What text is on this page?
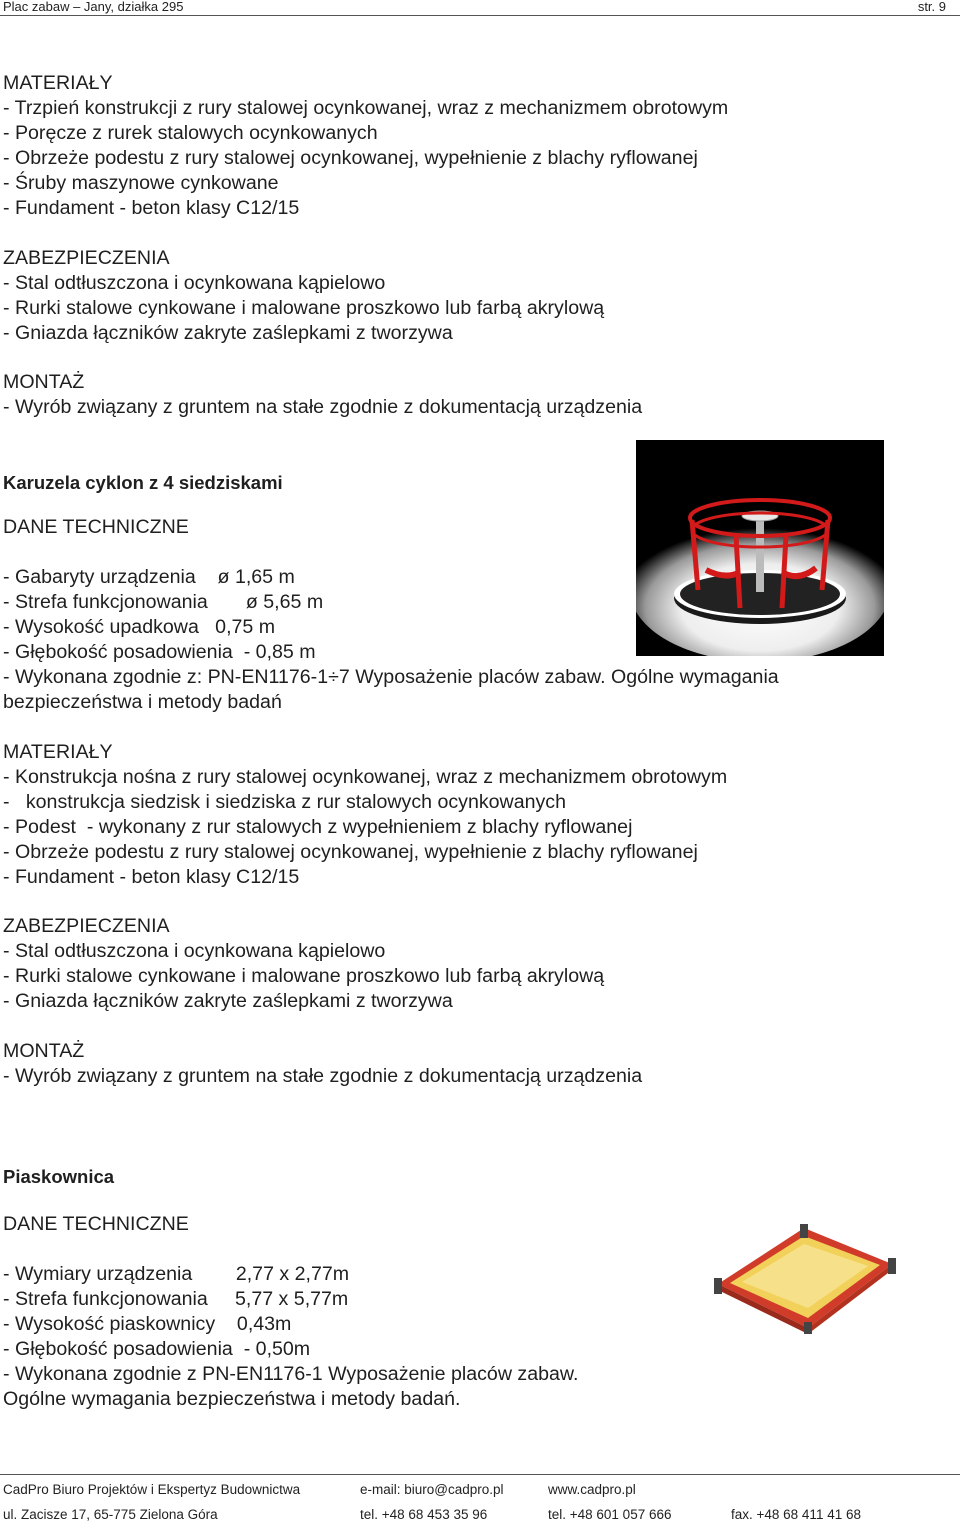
Plac zabaw – Jany, działka 295	str. 9
MATERIAŁY
- Trzpień konstrukcji z rury stalowej ocynkowanej, wraz z mechanizmem obrotowym
- Poręcze z rurek stalowych ocynkowanych
- Obrzeże podestu z rury stalowej ocynkowanej, wypełnienie z blachy ryflowanej
- Śruby maszynowe cynkowane
- Fundament - beton klasy C12/15
ZABEZPIECZENIA
- Stal odtłuszczona i ocynkowana kąpielowo
- Rurki stalowe cynkowane i malowane proszkowo lub farbą akrylową
- Gniazda łączników zakryte zaślepkami z tworzywa
MONTAŻ
- Wyrób związany z gruntem na stałe zgodnie z dokumentacją urządzenia
Karuzela cyklon z 4 siedziskami
DANE TECHNICZNE
- Gabaryty urządzenia    ø 1,65 m
- Strefa funkcjonowania       ø 5,65 m
- Wysokość upadkowa   0,75 m
- Głębokość posadowienia  - 0,85 m
- Wykonana zgodnie z: PN-EN1176-1÷7 Wyposażenie placów zabaw. Ogólne wymagania
bezpieczeństwa i metody badań
MATERIAŁY
- Konstrukcja nośna z rury stalowej ocynkowanej, wraz z mechanizmem obrotowym
-   konstrukcja siedzisk i siedziska z rur stalowych ocynkowanych
- Podest  - wykonany z rur stalowych z wypełnieniem z blachy ryflowanej
- Obrzeże podestu z rury stalowej ocynkowanej, wypełnienie z blachy ryflowanej
- Fundament - beton klasy C12/15
ZABEZPIECZENIA
- Stal odtłuszczona i ocynkowana kąpielowo
- Rurki stalowe cynkowane i malowane proszkowo lub farbą akrylową
- Gniazda łączników zakryte zaślepkami z tworzywa
MONTAŻ
- Wyrób związany z gruntem na stałe zgodnie z dokumentacją urządzenia
Piaskownica
DANE TECHNICZNE
- Wymiary urządzenia        2,77 x 2,77m
- Strefa funkcjonowania     5,77 x 5,77m
- Wysokość piaskownicy    0,43m
- Głębokość posadowienia  - 0,50m
- Wykonana zgodnie z PN-EN1176-1 Wyposażenie placów zabaw.
Ogólne wymagania bezpieczeństwa i metody badań.
CadPro Biuro Projektów i Ekspertyz Budownictwa	e-mail: biuro@cadpro.pl	www.cadpro.pl
ul. Zacisze 17, 65-775 Zielona Góra	tel. +48 68 453 35 96	tel. +48 601 057 666	fax. +48 68 411 41 68
